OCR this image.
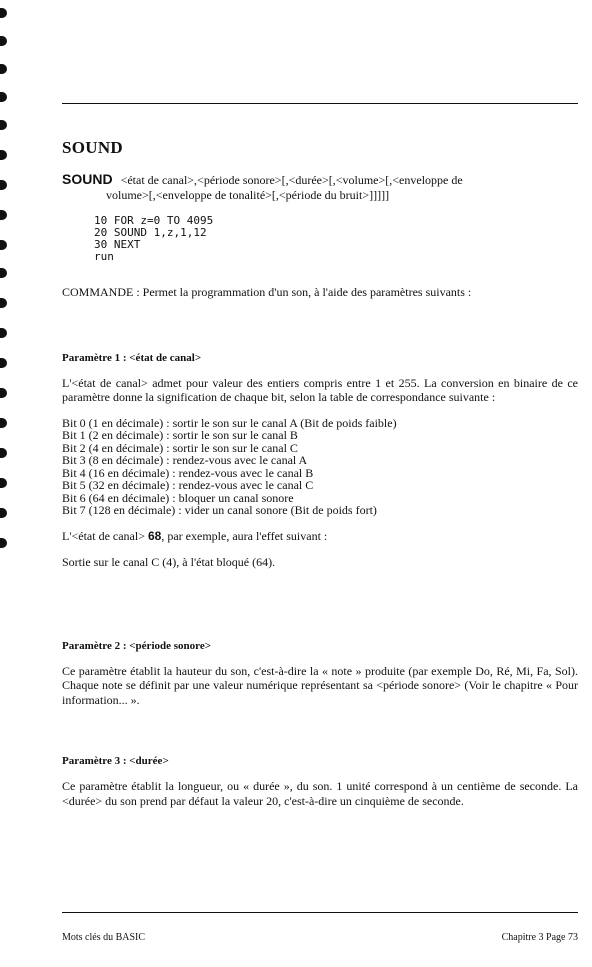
SOUND
SOUND <état de canal>,<période sonore>[,<durée>[,<volume>[,<enveloppe de
volume>[,<enveloppe de tonalité>[,<période du bruit>]]]]]
10 FOR z=0 TO 4095
20 SOUND 1,z,1,12
30 NEXT
run

COMMANDE : Permet la programmation d'un son, à l'aide des paramètres suivants :

Paramètre 1 : <état de canal>

L'<état de canal> admet pour valeur des entiers compris entre 1 et 255. La conversion en binaire de ce paramètre donne la signification de chaque bit, selon la table de correspondance suivante :

Bit 0 (1 en décimale) : sortir le son sur le canal A (Bit de poids faible)
Bit 1 (2 en décimale) : sortir le son sur le canal B
Bit 2 (4 en décimale) : sortir le son sur le canal C
Bit 3 (8 en décimale) : rendez-vous avec le canal A
Bit 4 (16 en décimale) : rendez-vous avec le canal B
Bit 5 (32 en décimale) : rendez-vous avec le canal C
Bit 6 (64 en décimale) : bloquer un canal sonore
Bit 7 (128 en décimale) : vider un canal sonore (Bit de poids fort)

L'<état de canal> 68, par exemple, aura l'effet suivant :

Sortie sur le canal C (4), à l'état bloqué (64).

Paramètre 2 : <période sonore>

Ce paramètre établit la hauteur du son, c'est-à-dire la « note » produite (par exemple Do, Ré, Mi, Fa, Sol). Chaque note se définit par une valeur numérique représentant sa <période sonore> (Voir le chapitre « Pour information... ».

Paramètre 3 : <durée>

Ce paramètre établit la longueur, ou « durée », du son. 1 unité correspond à un centième de seconde. La <durée> du son prend par défaut la valeur 20, c'est-à-dire un cinquième de seconde.

Mots clés du BASIC	Chapitre 3 Page 73
